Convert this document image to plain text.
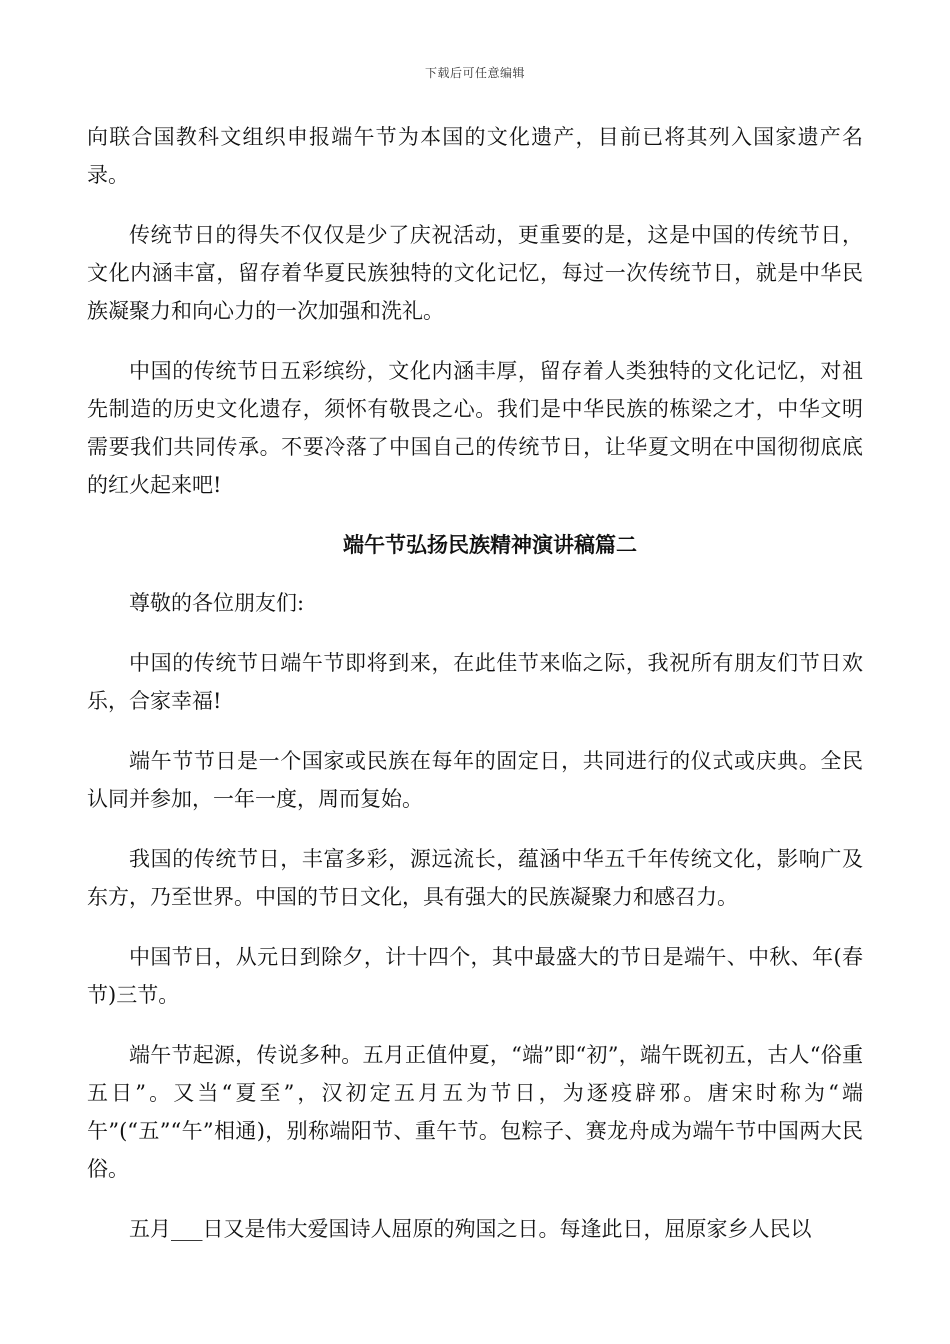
下载后可任意编辑

向联合国教科文组织申报端午节为本国的文化遗产，目前已将其列入国家遗产名录。

传统节日的得失不仅仅是少了庆祝活动，更重要的是，这是中国的传统节日，文化内涵丰富，留存着华夏民族独特的文化记忆，每过一次传统节日，就是中华民族凝聚力和向心力的一次加强和洗礼。

中国的传统节日五彩缤纷，文化内涵丰厚，留存着人类独特的文化记忆，对祖先制造的历史文化遗存，须怀有敬畏之心。我们是中华民族的栋梁之才，中华文明需要我们共同传承。不要冷落了中国自己的传统节日，让华夏文明在中国彻彻底底的红火起来吧!

端午节弘扬民族精神演讲稿篇二

尊敬的各位朋友们:

中国的传统节日端午节即将到来，在此佳节来临之际，我祝所有朋友们节日欢乐，合家幸福!

端午节节日是一个国家或民族在每年的固定日，共同进行的仪式或庆典。全民认同并参加，一年一度，周而复始。

我国的传统节日，丰富多彩，源远流长，蕴涵中华五千年传统文化，影响广及东方，乃至世界。中国的节日文化，具有强大的民族凝聚力和感召力。

中国节日，从元日到除夕，计十四个，其中最盛大的节日是端午、中秋、年(春节)三节。

端午节起源，传说多种。五月正值仲夏，“端”即“初”，端午既初五，古人“俗重五日”。又当“夏至”，汉初定五月五为节日，为逐疫辟邪。唐宋时称为“端午”(“五”“午”相通)，别称端阳节、重午节。包粽子、赛龙舟成为端午节中国两大民俗。

五月___日又是伟大爱国诗人屈原的殉国之日。每逢此日，屈原家乡人民以
